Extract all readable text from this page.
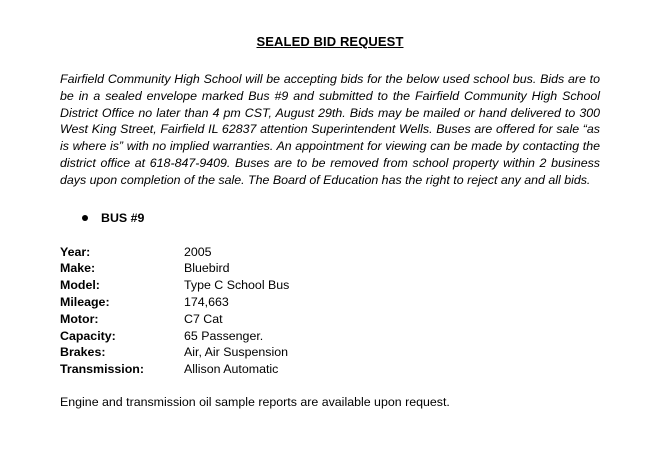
SEALED BID REQUEST

Fairfield Community High School will be accepting bids for the below used school bus. Bids are to be in a sealed envelope marked Bus #9 and submitted to the Fairfield Community High School District Office no later than 4 pm CST, August 29th. Bids may be mailed or hand delivered to 300 West King Street, Fairfield IL 62837 attention Superintendent Wells. Buses are offered for sale “as is where is” with no implied warranties. An appointment for viewing can be made by contacting the district office at 618-847-9409. Buses are to be removed from school property within 2 business days upon completion of the sale. The Board of Education has the right to reject any and all bids.

BUS #9
Year:	2005
Make:	Bluebird
Model:	Type C School Bus
Mileage:	174,663
Motor:	C7 Cat
Capacity:	65 Passenger.
Brakes:	Air, Air Suspension
Transmission:	Allison Automatic
Engine and transmission oil sample reports are available upon request.
